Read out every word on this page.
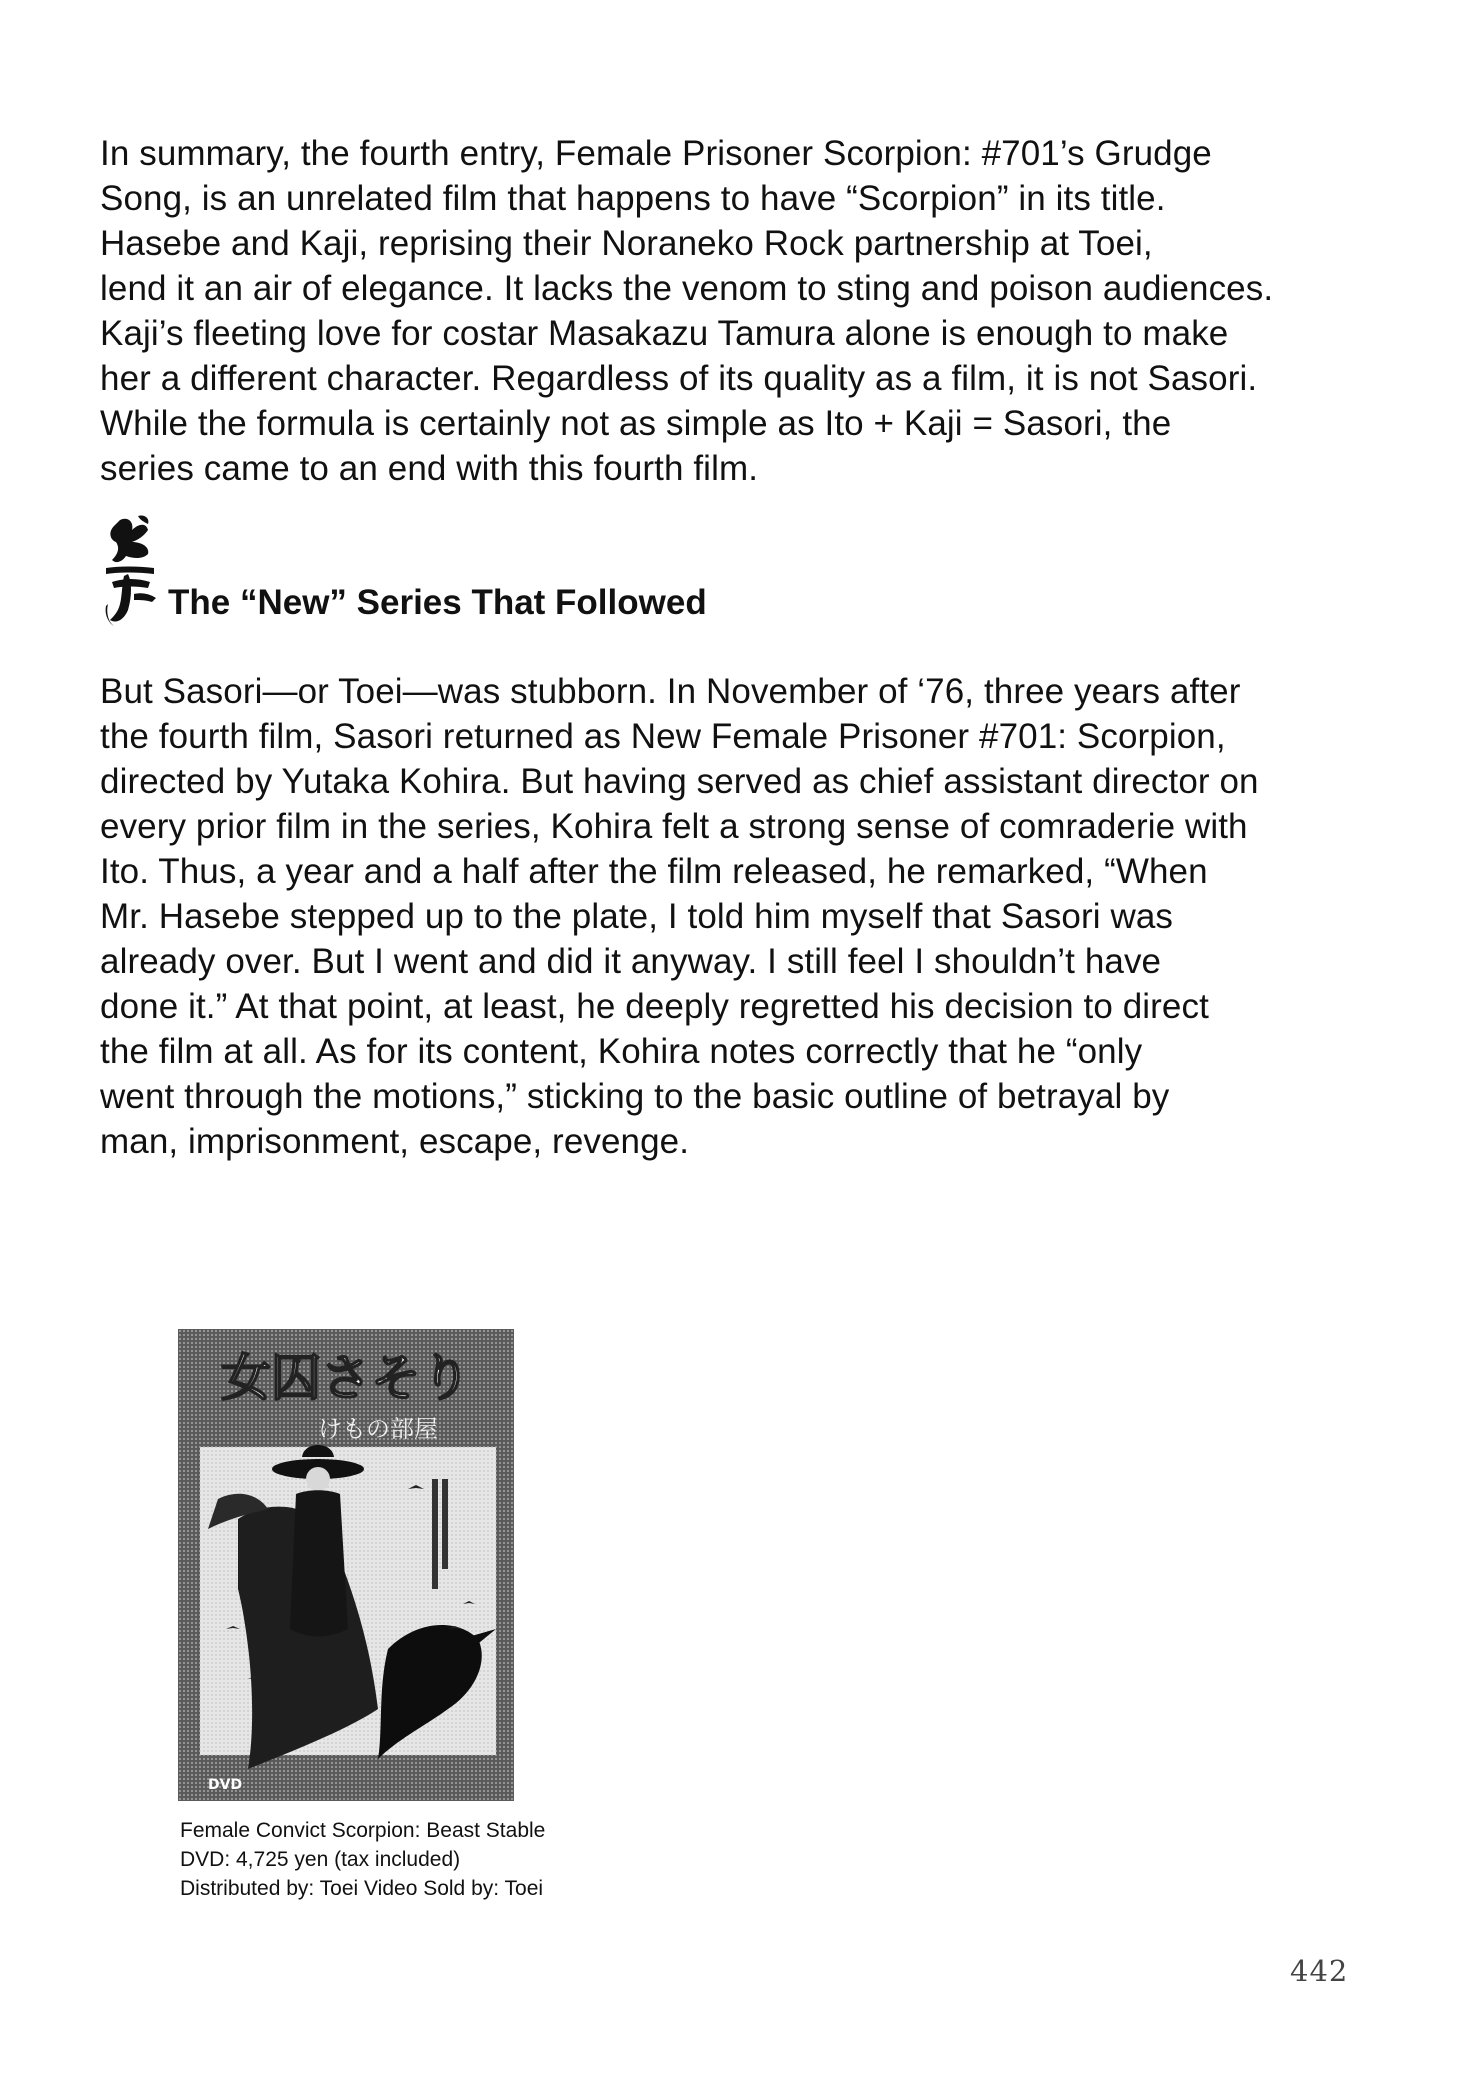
In summary, the fourth entry, Female Prisoner Scorpion: #701’s Grudge
Song, is an unrelated film that happens to have “Scorpion” in its title.
Hasebe and Kaji, reprising their Noraneko Rock partnership at Toei,
lend it an air of elegance. It lacks the venom to sting and poison audiences.
Kaji’s fleeting love for costar Masakazu Tamura alone is enough to make
her a different character. Regardless of its quality as a film, it is not Sasori.
While the formula is certainly not as simple as Ito + Kaji = Sasori, the
series came to an end with this fourth film.

The “New” Series That Followed

But Sasori—or Toei—was stubborn. In November of ‘76, three years after
the fourth film, Sasori returned as New Female Prisoner #701: Scorpion,
directed by Yutaka Kohira. But having served as chief assistant director on
every prior film in the series, Kohira felt a strong sense of comraderie with
Ito. Thus, a year and a half after the film released, he remarked, “When
Mr. Hasebe stepped up to the plate, I told him myself that Sasori was
already over. But I went and did it anyway. I still feel I shouldn’t have
done it.” At that point, at least, he deeply regretted his decision to direct
the film at all. As for its content, Kohira notes correctly that he “only
went through the motions,” sticking to the basic outline of betrayal by
man, imprisonment, escape, revenge.

女囚さそり
けもの部屋
DVD
Female Convict Scorpion: Beast Stable
DVD: 4,725 yen (tax included)
Distributed by: Toei Video Sold by: Toei
442
